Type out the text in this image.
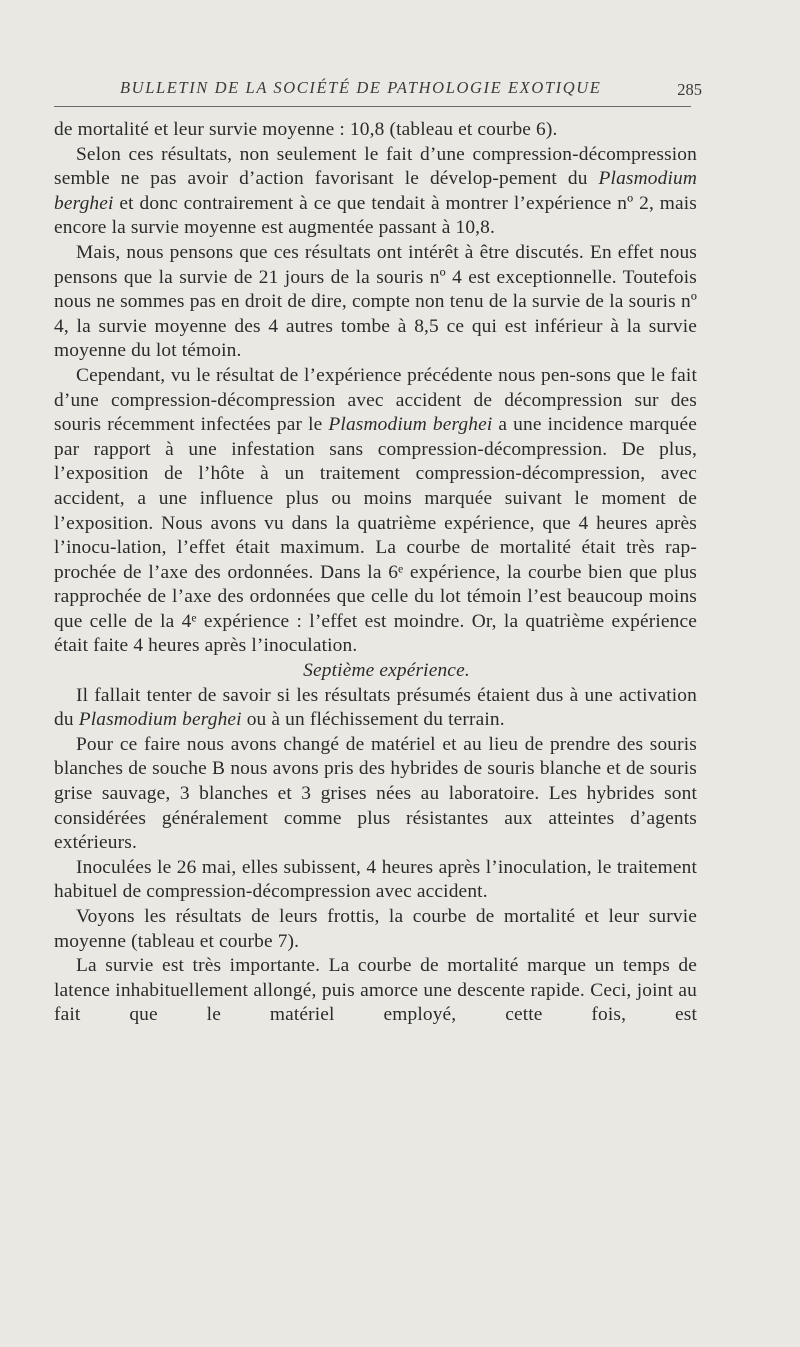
BULLETIN DE LA SOCIÉTÉ DE PATHOLOGIE EXOTIQUE	285

de mortalité et leur survie moyenne : 10,8 (tableau et courbe 6).

Selon ces résultats, non seulement le fait d’une compression-décompression semble ne pas avoir d’action favorisant le dévelop-pement du Plasmodium berghei et donc contrairement à ce que tendait à montrer l’expérience nº 2, mais encore la survie moyenne est augmentée passant à 10,8.

Mais, nous pensons que ces résultats ont intérêt à être discutés. En effet nous pensons que la survie de 21 jours de la souris nº 4 est exceptionnelle. Toutefois nous ne sommes pas en droit de dire, compte non tenu de la survie de la souris nº 4, la survie moyenne des 4 autres tombe à 8,5 ce qui est inférieur à la survie moyenne du lot témoin.

Cependant, vu le résultat de l’expérience précédente nous pen-sons que le fait d’une compression-décompression avec accident de décompression sur des souris récemment infectées par le Plasmodium berghei a une incidence marquée par rapport à une infestation sans compression-décompression. De plus, l’exposition de l’hôte à un traitement compression-décompression, avec accident, a une influence plus ou moins marquée suivant le moment de l’exposition. Nous avons vu dans la quatrième expérience, que 4 heures après l’inocu-lation, l’effet était maximum. La courbe de mortalité était très rap-prochée de l’axe des ordonnées. Dans la 6ᵉ expérience, la courbe bien que plus rapprochée de l’axe des ordonnées que celle du lot témoin l’est beaucoup moins que celle de la 4ᵉ expérience : l’effet est moindre. Or, la quatrième expérience était faite 4 heures après l’inoculation.

Septième expérience.

Il fallait tenter de savoir si les résultats présumés étaient dus à une activation du Plasmodium berghei ou à un fléchissement du terrain.

Pour ce faire nous avons changé de matériel et au lieu de prendre des souris blanches de souche B nous avons pris des hybrides de souris blanche et de souris grise sauvage, 3 blanches et 3 grises nées au laboratoire. Les hybrides sont considérées généralement comme plus résistantes aux atteintes d’agents extérieurs.

Inoculées le 26 mai, elles subissent, 4 heures après l’inoculation, le traitement habituel de compression-décompression avec accident.

Voyons les résultats de leurs frottis, la courbe de mortalité et leur survie moyenne (tableau et courbe 7).

La survie est très importante. La courbe de mortalité marque un temps de latence inhabituellement allongé, puis amorce une descente rapide. Ceci, joint au fait que le matériel employé, cette fois, est
